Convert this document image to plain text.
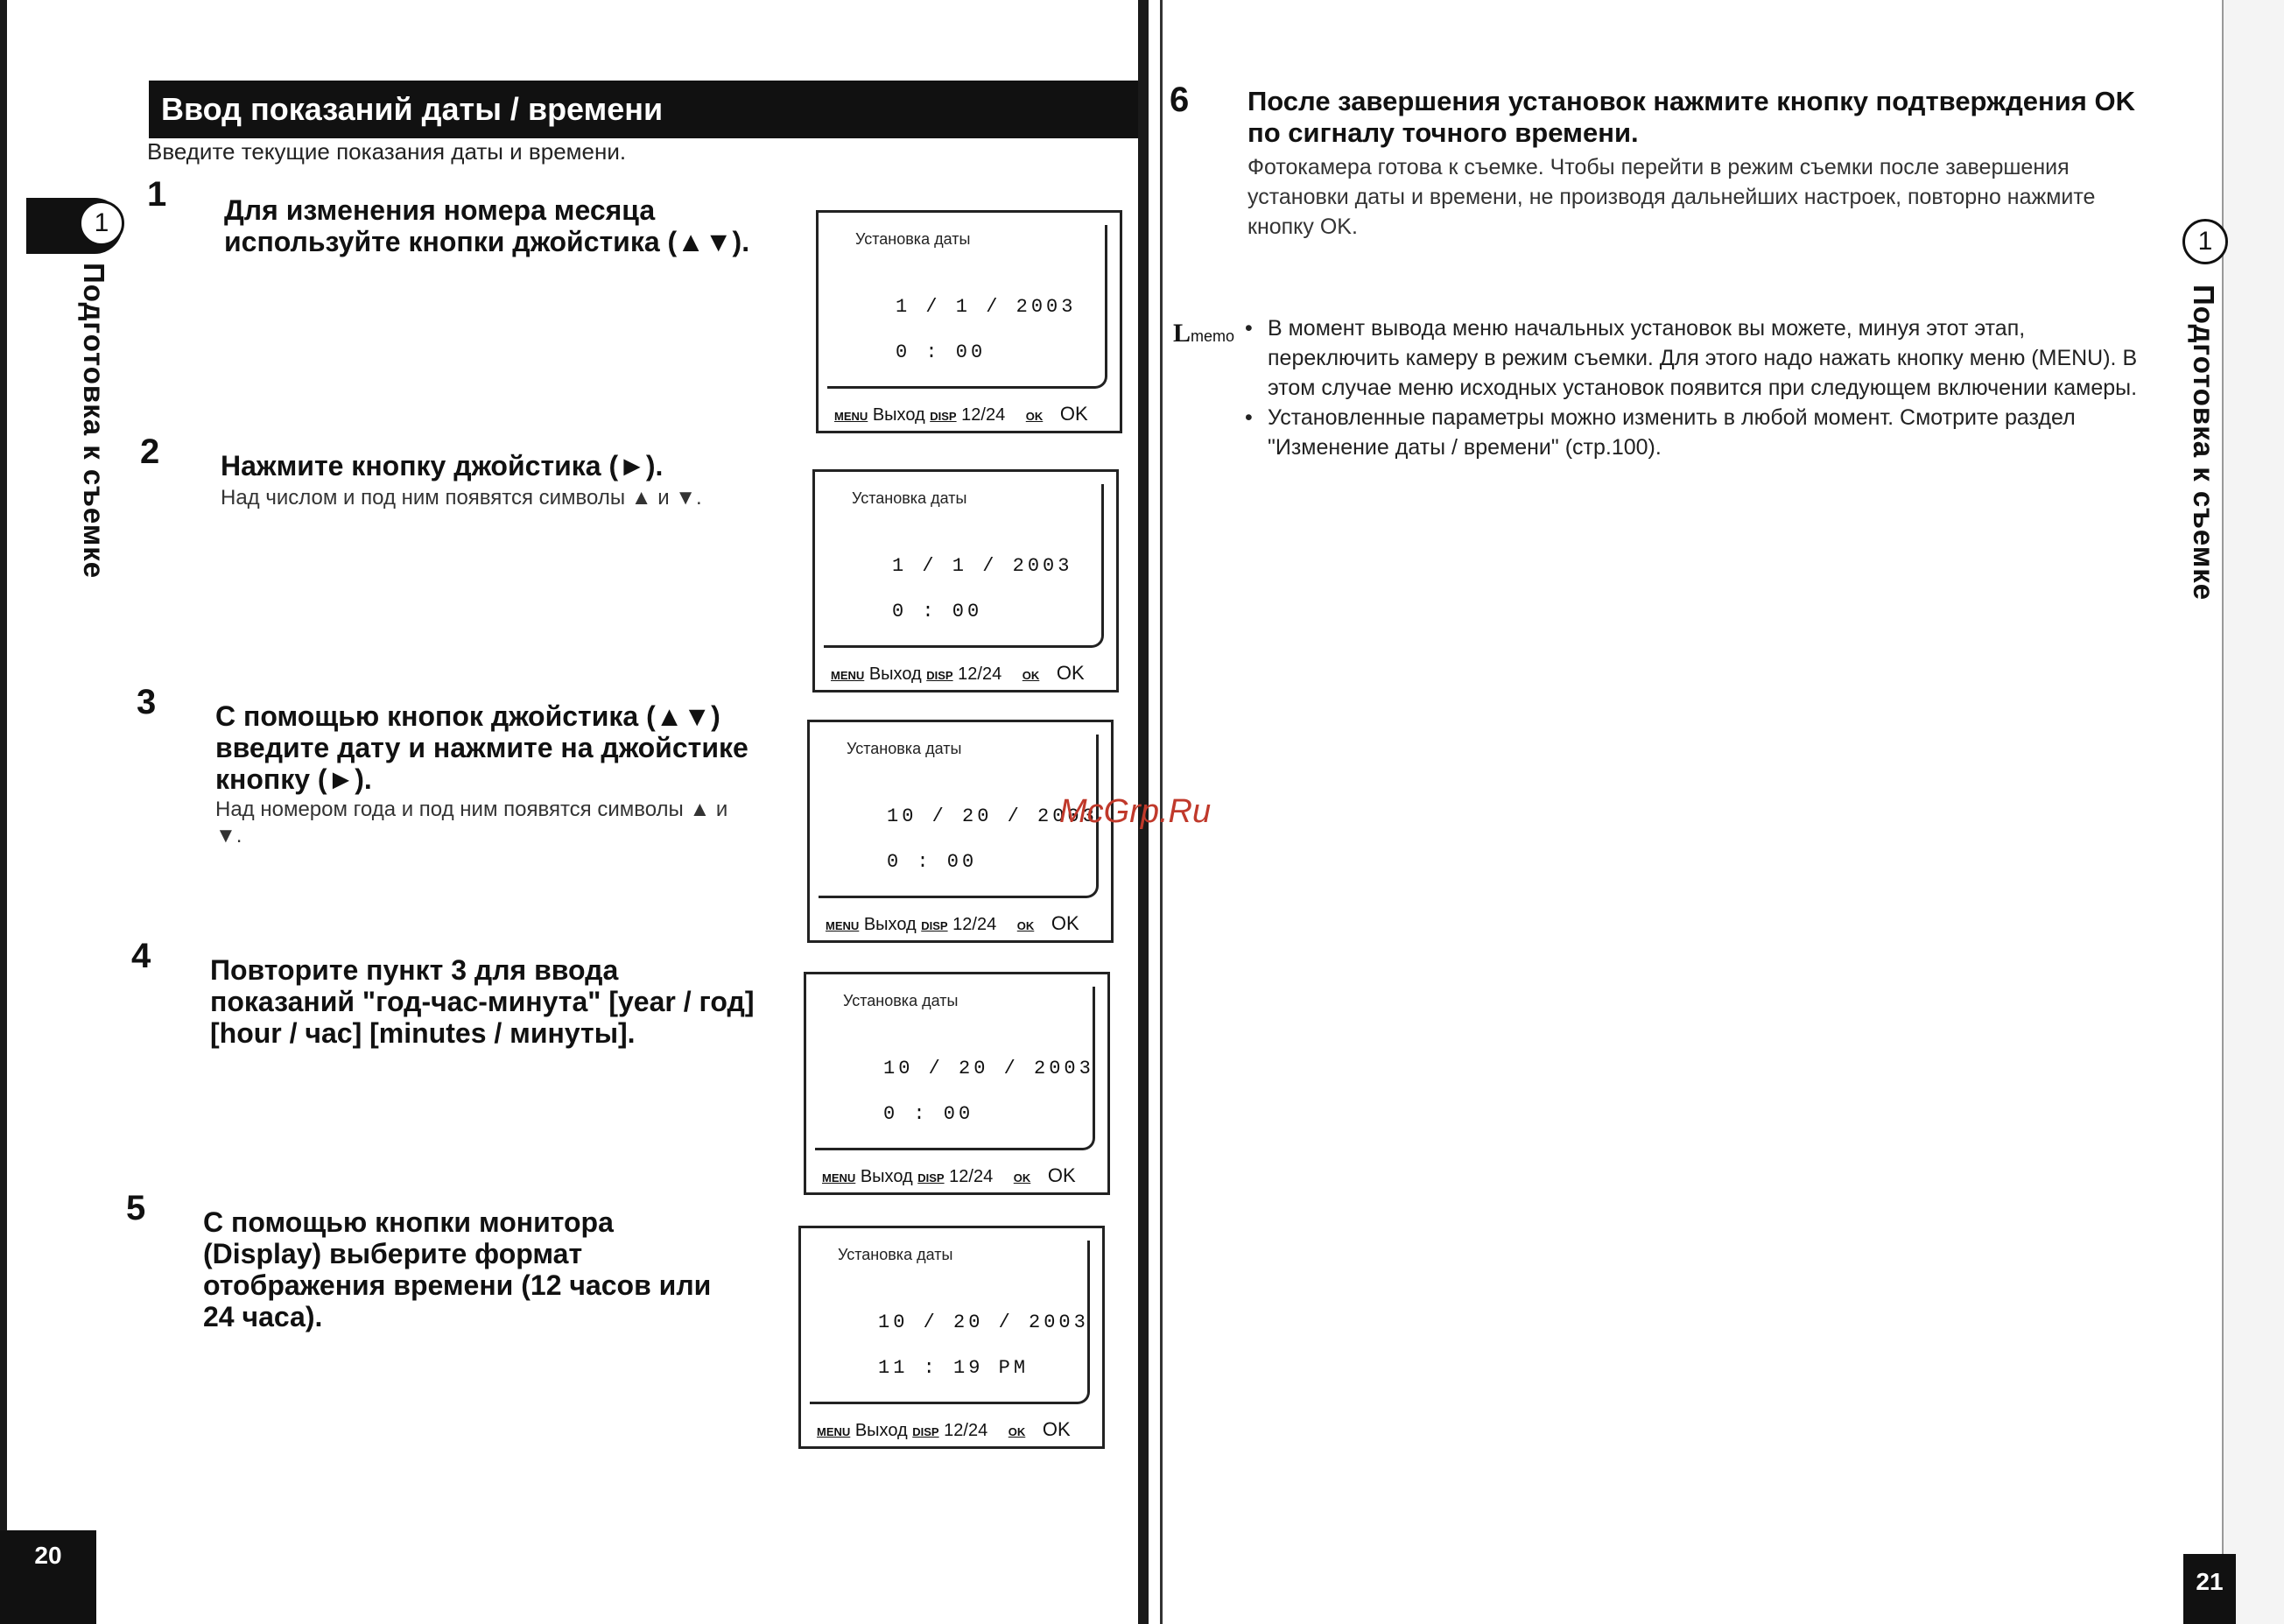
Ввод показаний даты / времени
Введите текущие показания даты и времени.
1
Подготовка к съемке
1 Для изменения номера месяца используйте кнопки джойстика (▲▼).
2 Нажмите кнопку джойстика (►).
Над числом и под ним появятся символы ▲ и ▼.
3 С помощью кнопок джойстика (▲▼) введите дату и нажмите на джойстике кнопку (►).
Над номером года и под ним появятся символы ▲ и ▼.
4 Повторите пункт 3 для ввода показаний "год-час-минута" [year / год] [hour / час] [minutes / минуты].
5 С помощью кнопки монитора (Display) выберите формат отображения времени (12 часов или 24 часа).
Установка даты
1 / 1 / 2003
0 : 00
MENU Выход DISP 12/24 OK OK
Установка даты
1 / 1 / 2003
0 : 00
MENU Выход DISP 12/24 OK OK
Установка даты
10 / 20 / 2003
0 : 00
MENU Выход DISP 12/24 OK OK
Установка даты
10 / 20 / 2003
0 : 00
MENU Выход DISP 12/24 OK OK
Установка даты
10 / 20 / 2003
11 : 19 PM
MENU Выход DISP 12/24 OK OK
20
6 После завершения установок нажмите кнопку подтверждения OK по сигналу точного времени.
Фотокамера готова к съемке. Чтобы перейти в режим съемки после завершения установки даты и времени, не производя дальнейших настроек, повторно нажмите кнопку OK.
Lmemo
• В момент вывода меню начальных установок вы можете, минуя этот этап, переключить камеру в режим съемки. Для этого надо нажать кнопку меню (MENU). В этом случае меню исходных установок появится при следующем включении камеры.
• Установленные параметры можно изменить в любой момент. Смотрите раздел "Изменение даты / времени" (стр.100).
1
Подготовка к съемке
21
McGrp.Ru
